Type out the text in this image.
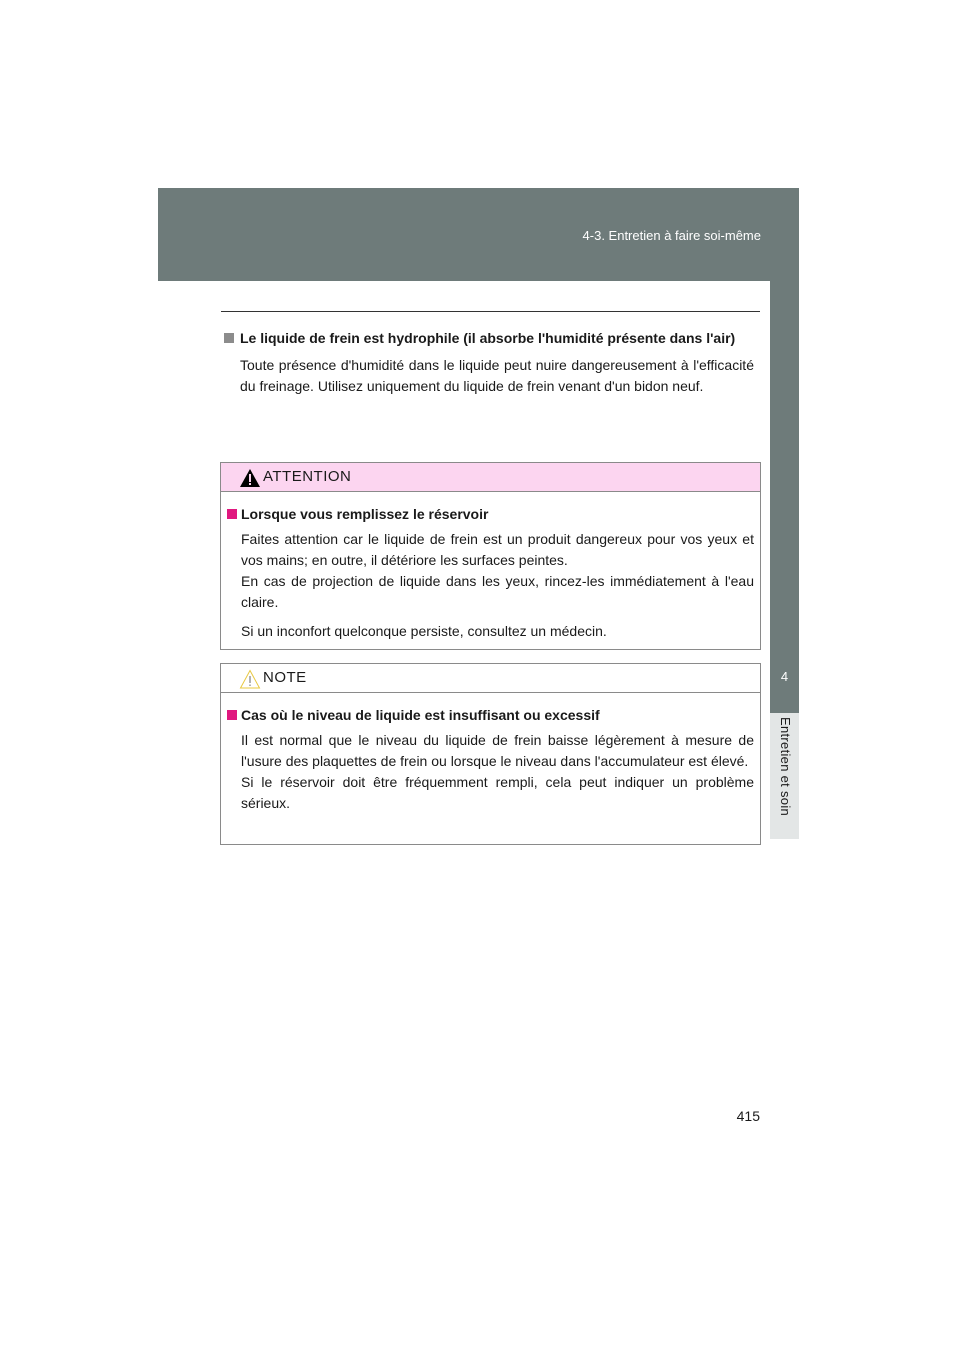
4-3. Entretien à faire soi-même
4
Entretien et soin
Le liquide de frein est hydrophile (il absorbe l'humidité présente dans l'air)
Toute présence d'humidité dans le liquide peut nuire dangereusement à l'efficacité du freinage. Utilisez uniquement du liquide de frein venant d'un bidon neuf.
ATTENTION
Lorsque vous remplissez le réservoir
Faites attention car le liquide de frein est un produit dangereux pour vos yeux et vos mains; en outre, il détériore les surfaces peintes.
En cas de projection de liquide dans les yeux, rincez-les immédiatement à l'eau claire.
Si un inconfort quelconque persiste, consultez un médecin.
NOTE
Cas où le niveau de liquide est insuffisant ou excessif
Il est normal que le niveau du liquide de frein baisse légèrement à mesure de l'usure des plaquettes de frein ou lorsque le niveau dans l'accumulateur est élevé.
Si le réservoir doit être fréquemment rempli, cela peut indiquer un problème sérieux.
415
